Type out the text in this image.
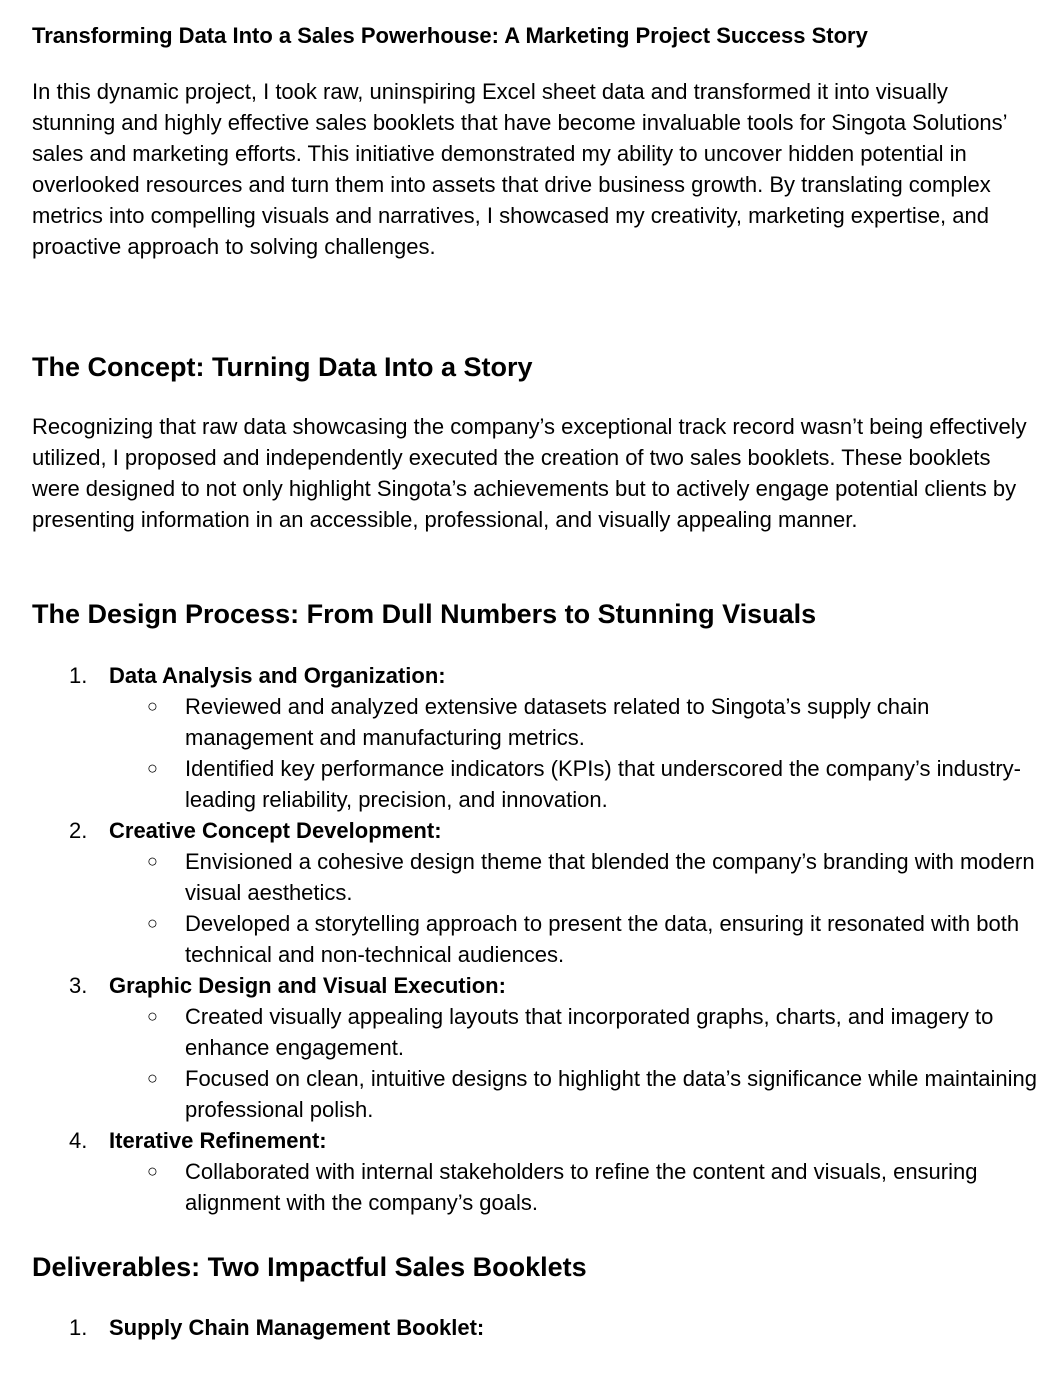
Transforming Data Into a Sales Powerhouse: A Marketing Project Success Story

In this dynamic project, I took raw, uninspiring Excel sheet data and transformed it into visually stunning and highly effective sales booklets that have become invaluable tools for Singota Solutions’ sales and marketing efforts. This initiative demonstrated my ability to uncover hidden potential in overlooked resources and turn them into assets that drive business growth. By translating complex metrics into compelling visuals and narratives, I showcased my creativity, marketing expertise, and proactive approach to solving challenges.

The Concept: Turning Data Into a Story

Recognizing that raw data showcasing the company’s exceptional track record wasn’t being effectively utilized, I proposed and independently executed the creation of two sales booklets. These booklets were designed to not only highlight Singota’s achievements but to actively engage potential clients by presenting information in an accessible, professional, and visually appealing manner.

The Design Process: From Dull Numbers to Stunning Visuals
1. Data Analysis and Organization:
○ Reviewed and analyzed extensive datasets related to Singota’s supply chain management and manufacturing metrics.
○ Identified key performance indicators (KPIs) that underscored the company’s industry-leading reliability, precision, and innovation.
2. Creative Concept Development:
○ Envisioned a cohesive design theme that blended the company’s branding with modern visual aesthetics.
○ Developed a storytelling approach to present the data, ensuring it resonated with both technical and non-technical audiences.
3. Graphic Design and Visual Execution:
○ Created visually appealing layouts that incorporated graphs, charts, and imagery to enhance engagement.
○ Focused on clean, intuitive designs to highlight the data’s significance while maintaining professional polish.
4. Iterative Refinement:
○ Collaborated with internal stakeholders to refine the content and visuals, ensuring alignment with the company’s goals.
Deliverables: Two Impactful Sales Booklets
1. Supply Chain Management Booklet:
